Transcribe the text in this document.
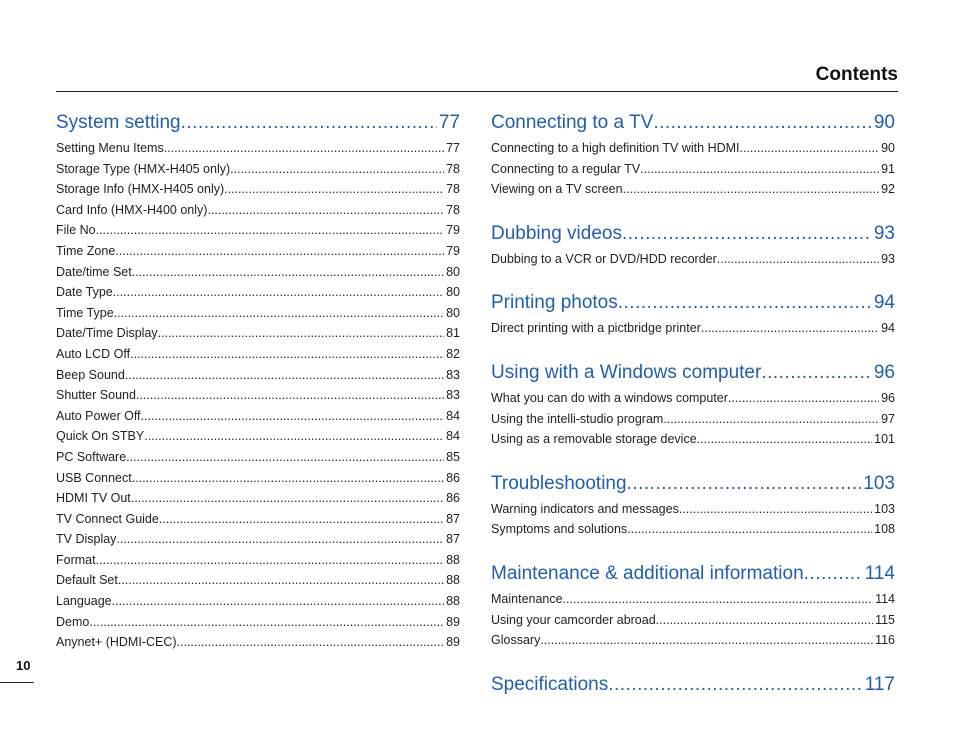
Contents
System setting .....	77
Setting Menu Items .....	77
Storage Type (HMX-H405 only) .....	78
Storage Info (HMX-H405 only) .....	78
Card Info (HMX-H400 only) .....	78
File No. .....	79
Time Zone .....	79
Date/time Set .....	80
Date Type .....	80
Time Type .....	80
Date/Time Display .....	81
Auto LCD Off .....	82
Beep Sound .....	83
Shutter Sound .....	83
Auto Power Off .....	84
Quick On STBY .....	84
PC Software .....	85
USB Connect .....	86
HDMI TV Out .....	86
TV Connect Guide .....	87
TV Display .....	87
Format .....	88
Default Set .....	88
Language .....	88
Demo .....	89
Anynet+ (HDMI-CEC) .....	89
Connecting to a TV .....	90
Connecting to a high definition TV with HDMI .....	90
Connecting to a regular TV .....	91
Viewing on a TV screen .....	92
Dubbing videos .....	93
Dubbing to a VCR or DVD/HDD recorder .....	93
Printing photos .....	94
Direct printing with a pictbridge printer .....	94
Using with a Windows computer .....	96
What you can do with a windows computer .....	96
Using the intelli-studio program .....	97
Using as a removable storage device .....	101
Troubleshooting .....	103
Warning indicators and messages .....	103
Symptoms and solutions .....	108
Maintenance & additional information .....	114
Maintenance .....	114
Using your camcorder abroad .....	115
Glossary .....	116
Specifications .....	117
10
